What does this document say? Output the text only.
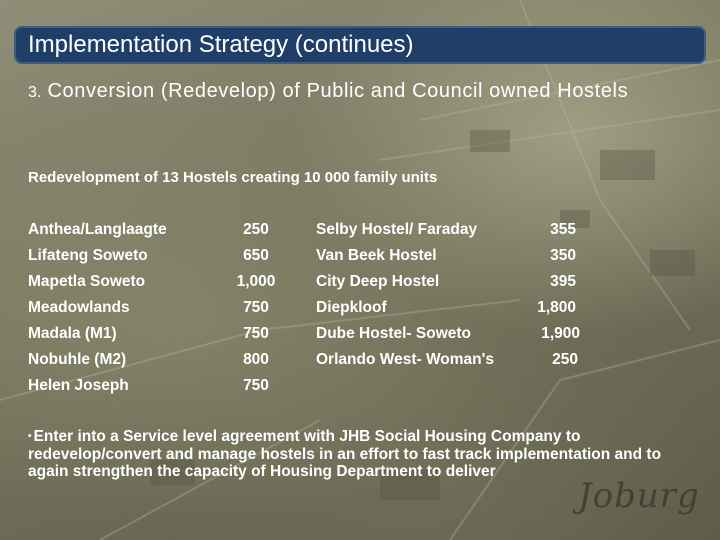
Implementation Strategy (continues)
3. Conversion (Redevelop) of Public and Council owned Hostels
Redevelopment of 13 Hostels creating 10 000 family units
Anthea/Langlaagte
Lifateng Soweto
Mapetla Soweto
Meadowlands
Madala (M1)
Nobuhle (M2)
Helen Joseph
250
650
1,000
750
750
800
750
Selby Hostel/ Faraday
Van Beek Hostel
City Deep Hostel
Diepkloof
Dube Hostel- Soweto
Orlando West- Woman's
355
350
395
1,800
1,900
250
• Enter into a Service level agreement with JHB Social Housing Company to redevelop/convert and manage hostels in an effort to fast track implementation and to again strengthen the capacity of Housing Department to deliver
Joburg
